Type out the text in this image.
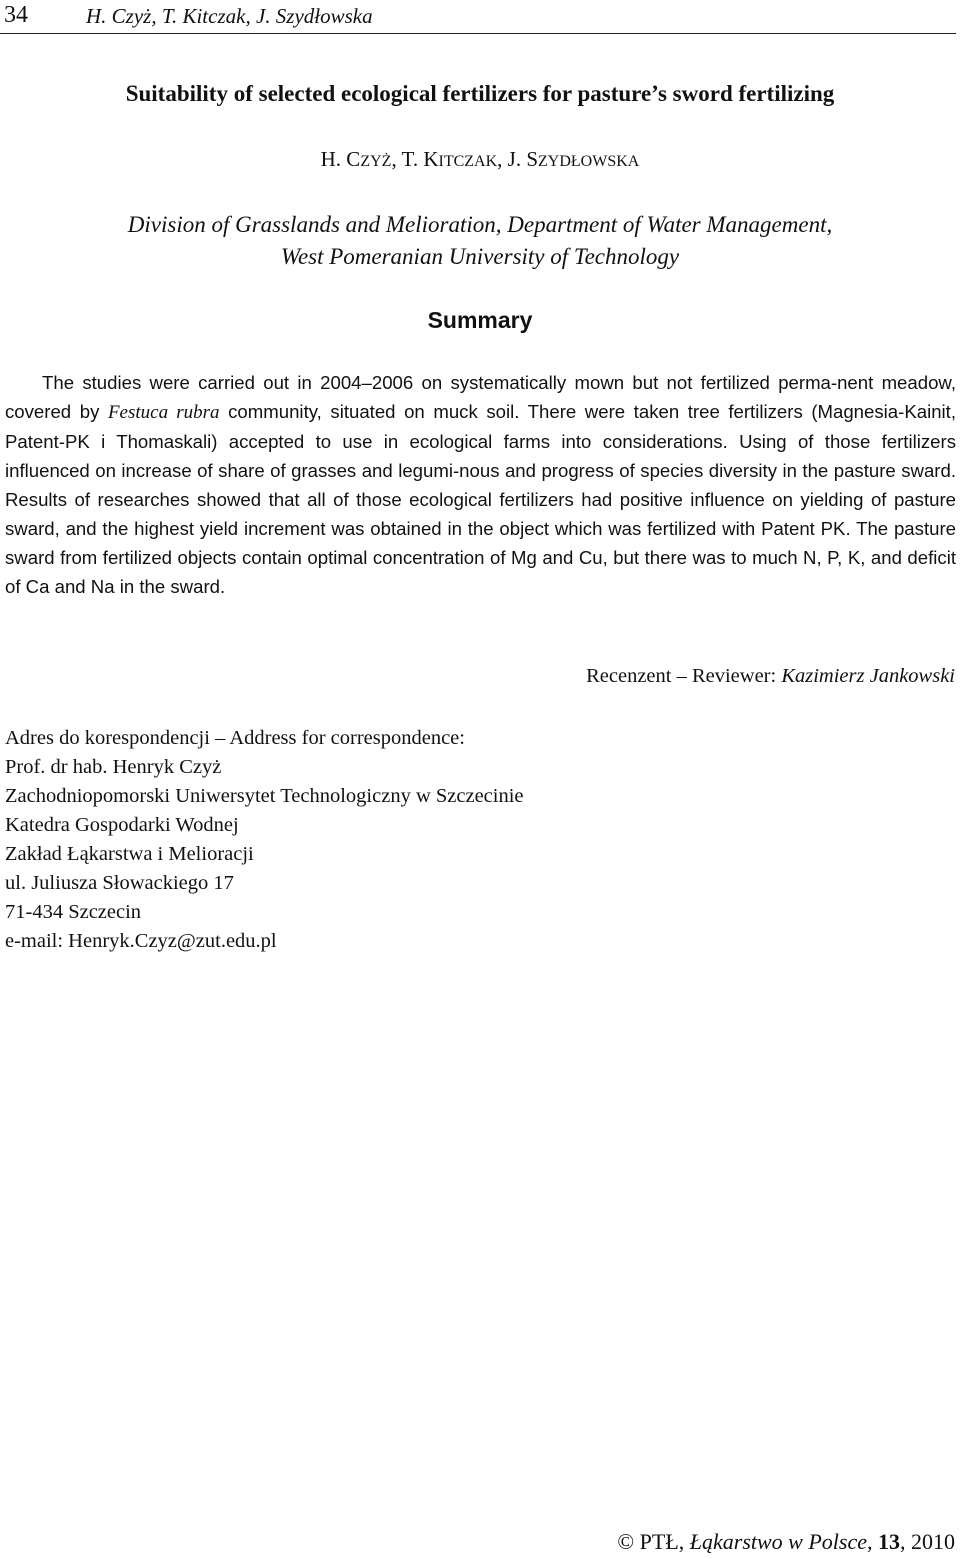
34	H. Czyż, T. Kitczak, J. Szydłowska
Suitability of selected ecological fertilizers for pasture’s sword fertilizing
H. CZYŻ, T. KITCZAK, J. SZYDŁOWSKA
Division of Grasslands and Melioration, Department of Water Management,
West Pomeranian University of Technology
Summary

The studies were carried out in 2004–2006 on systematically mown but not fertilized perma-nent meadow, covered by Festuca rubra community, situated on muck soil. There were taken tree fertilizers (Magnesia-Kainit, Patent-PK i Thomaskali) accepted to use in ecological farms into considerations. Using of those fertilizers influenced on increase of share of grasses and legumi-nous and progress of species diversity in the pasture sward. Results of researches showed that all of those ecological fertilizers had positive influence on yielding of pasture sward, and the highest yield increment was obtained in the object which was fertilized with Patent PK. The pasture sward from fertilized objects contain optimal concentration of Mg and Cu, but there was to much N, P, K, and deficit of Ca and Na in the sward.

Recenzent – Reviewer: Kazimierz Jankowski
Adres do korespondencji – Address for correspondence:
Prof. dr hab. Henryk Czyż
Zachodniopomorski Uniwersytet Technologiczny w Szczecinie
Katedra Gospodarki Wodnej
Zakład Łąkarstwa i Melioracji
ul. Juliusza Słowackiego 17
71-434 Szczecin
e-mail: Henryk.Czyz@zut.edu.pl
© PTŁ, Łąkarstwo w Polsce, 13, 2010
